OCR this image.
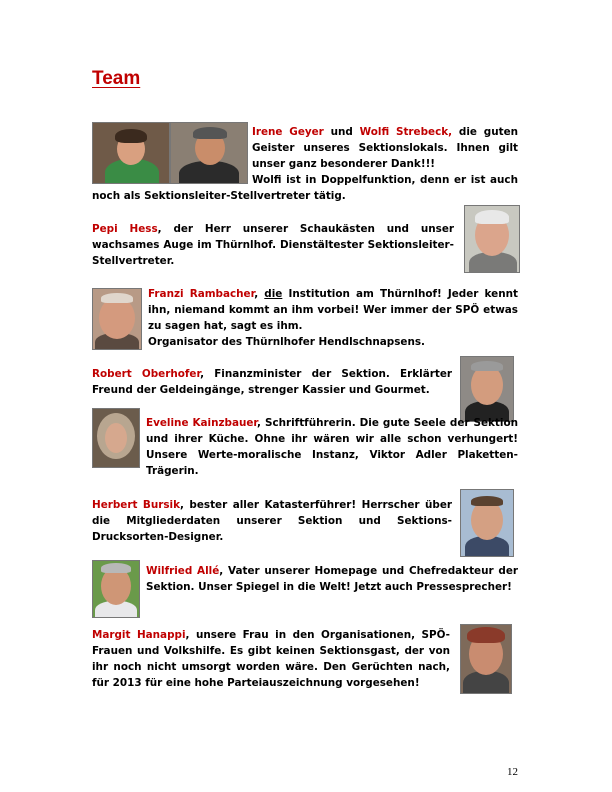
Team
Irene Geyer und Wolfi Strebeck, die guten Geister unseres Sektionslokals. Ihnen gilt unser ganz besonderer Dank!!!
Wolfi ist in Doppelfunktion, denn er ist auch noch als Sektionsleiter-Stellvertreter tätig.
Pepi Hess, der Herr unserer Schaukästen und unser wachsames Auge im Thürnlhof. Dienstältester Sektionsleiter-Stellvertreter.
Franzi Rambacher, die Institution am Thürnlhof! Jeder kennt ihn, niemand kommt an ihm vorbei! Wer immer der SPÖ etwas zu sagen hat, sagt es ihm.
Organisator des Thürnlhofer Hendlschnapsens.
Robert Oberhofer, Finanzminister der Sektion. Erklärter Freund der Geldeingänge, strenger Kassier und Gourmet.
Eveline Kainzbauer, Schriftführerin. Die gute Seele der Sektion und ihrer Küche. Ohne ihr wären wir alle schon verhungert! Unsere Werte-moralische Instanz, Viktor Adler Plaketten-Trägerin.
Herbert Bursik, bester aller Katasterführer! Herrscher über die Mitgliederdaten unserer Sektion und Sektions-Drucksorten-Designer.
Wilfried Allé, Vater unserer Homepage und Chefredakteur der Sektion. Unser Spiegel in die Welt! Jetzt auch Pressesprecher!
Margit Hanappi, unsere Frau in den Organisationen, SPÖ-Frauen und Volkshilfe. Es gibt keinen Sektionsgast, der von ihr noch nicht umsorgt worden wäre. Den Gerüchten nach, für 2013 für eine hohe Parteiauszeichnung vorgesehen!
12
